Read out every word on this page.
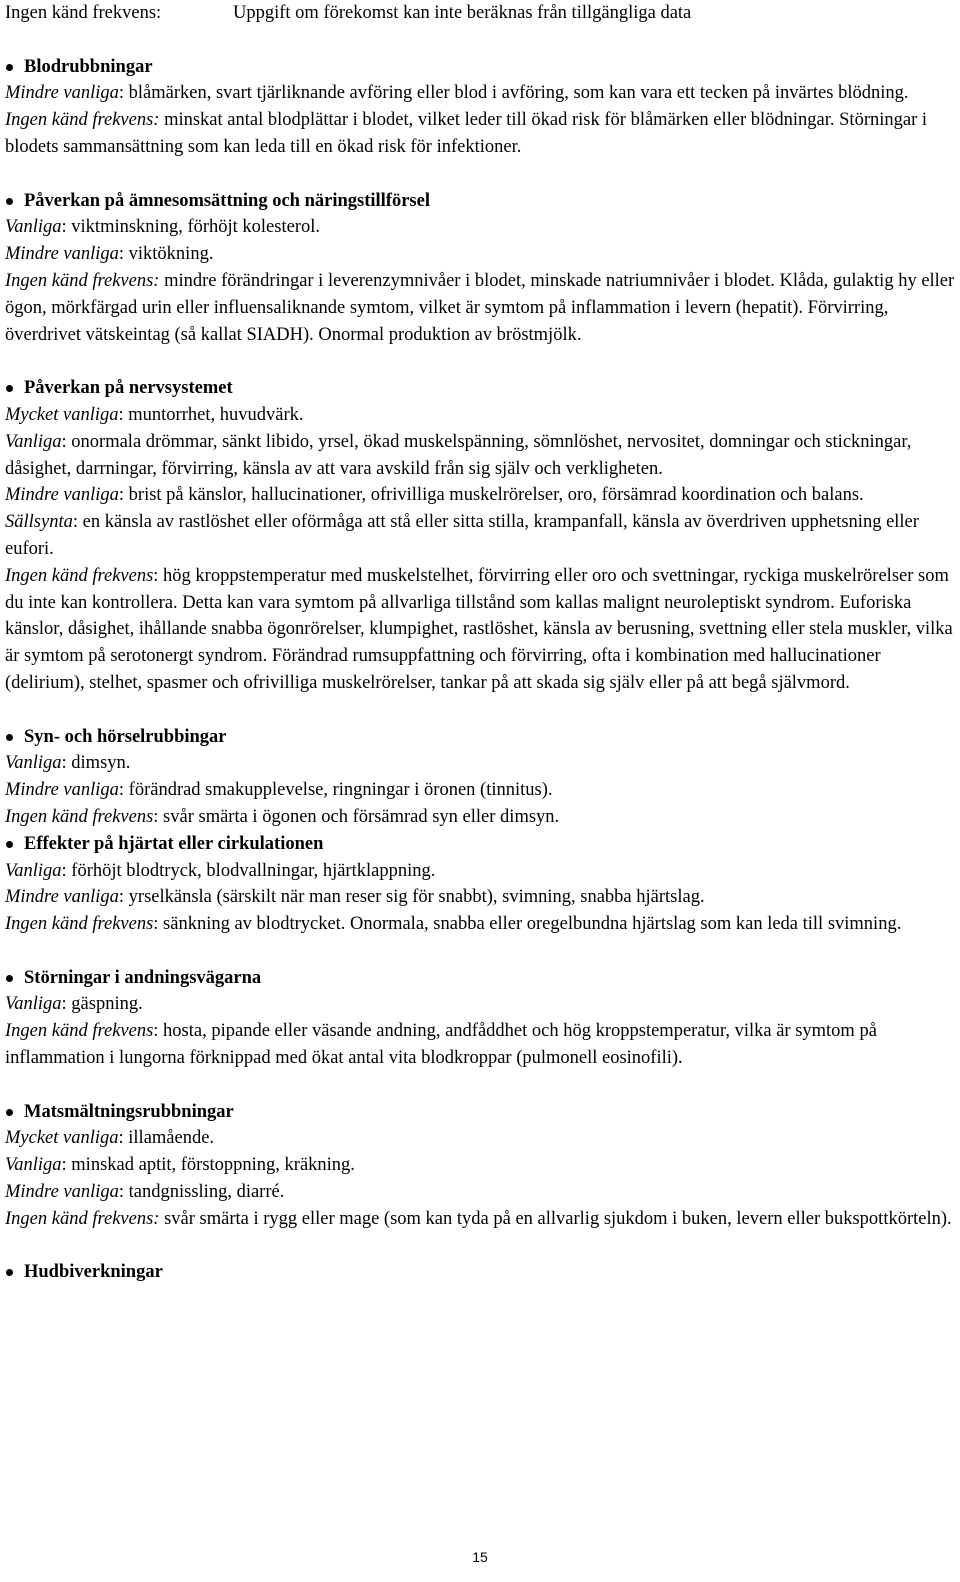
Ingen känd frekvens:	Uppgift om förekomst kan inte beräknas från tillgängliga data
Blodrubbningar
Mindre vanliga: blåmärken, svart tjärliknande avföring eller blod i avföring, som kan vara ett tecken på invärtes blödning.
Ingen känd frekvens: minskat antal blodplättar i blodet, vilket leder till ökad risk för blåmärken eller blödningar. Störningar i blodets sammansättning som kan leda till en ökad risk för infektioner.
Påverkan på ämnesomsättning och näringstillförsel
Vanliga: viktminskning, förhöjt kolesterol.
Mindre vanliga: viktökning.
Ingen känd frekvens: mindre förändringar i leverenzymnivåer i blodet, minskade natriumnivåer i blodet. Klåda, gulaktig hy eller ögon, mörkfärgad urin eller influensaliknande symtom, vilket är symtom på inflammation i levern (hepatit). Förvirring, överdrivet vätskeintag (så kallat SIADH). Onormal produktion av bröstmjölk.
Påverkan på nervsystemet
Mycket vanliga: muntorrhet, huvudvärk.
Vanliga: onormala drömmar, sänkt libido, yrsel, ökad muskelspänning, sömnlöshet, nervositet, domningar och stickningar, dåsighet, darrningar, förvirring, känsla av att vara avskild från sig själv och verkligheten.
Mindre vanliga: brist på känslor, hallucinationer, ofrivilliga muskelrörelser, oro, försämrad koordination och balans.
Sällsynta: en känsla av rastlöshet eller oförmåga att stå eller sitta stilla, krampanfall, känsla av överdriven upphetsning eller eufori.
Ingen känd frekvens: hög kroppstemperatur med muskelstelhet, förvirring eller oro och svettningar, ryckiga muskelrörelser som du inte kan kontrollera. Detta kan vara symtom på allvarliga tillstånd som kallas malignt neuroleptiskt syndrom. Euforiska känslor, dåsighet, ihållande snabba ögonrörelser, klumpighet, rastlöshet, känsla av berusning, svettning eller stela muskler, vilka är symtom på serotonergt syndrom. Förändrad rumsuppfattning och förvirring, ofta i kombination med hallucinationer (delirium), stelhet, spasmer och ofrivilliga muskelrörelser, tankar på att skada sig själv eller på att begå självmord.
Syn- och hörselrubbingar
Vanliga: dimsyn.
Mindre vanliga: förändrad smakupplevelse, ringningar i öronen (tinnitus).
Ingen känd frekvens: svår smärta i ögonen och försämrad syn eller dimsyn.
Effekter på hjärtat eller cirkulationen
Vanliga: förhöjt blodtryck, blodvallningar, hjärtklappning.
Mindre vanliga: yrselkänsla (särskilt när man reser sig för snabbt), svimning, snabba hjärtslag.
Ingen känd frekvens: sänkning av blodtrycket. Onormala, snabba eller oregelbundna hjärtslag som kan leda till svimning.
Störningar i andningsvägarna
Vanliga: gäspning.
Ingen känd frekvens: hosta, pipande eller väsande andning, andfåddhet och hög kroppstemperatur, vilka är symtom på inflammation i lungorna förknippad med ökat antal vita blodkroppar (pulmonell eosinofili).
Matsmältningsrubbningar
Mycket vanliga: illamående.
Vanliga: minskad aptit, förstoppning, kräkning.
Mindre vanliga: tandgnissling, diarré.
Ingen känd frekvens: svår smärta i rygg eller mage (som kan tyda på en allvarlig sjukdom i buken, levern eller bukspottkörteln).
Hudbiverkningar
15
